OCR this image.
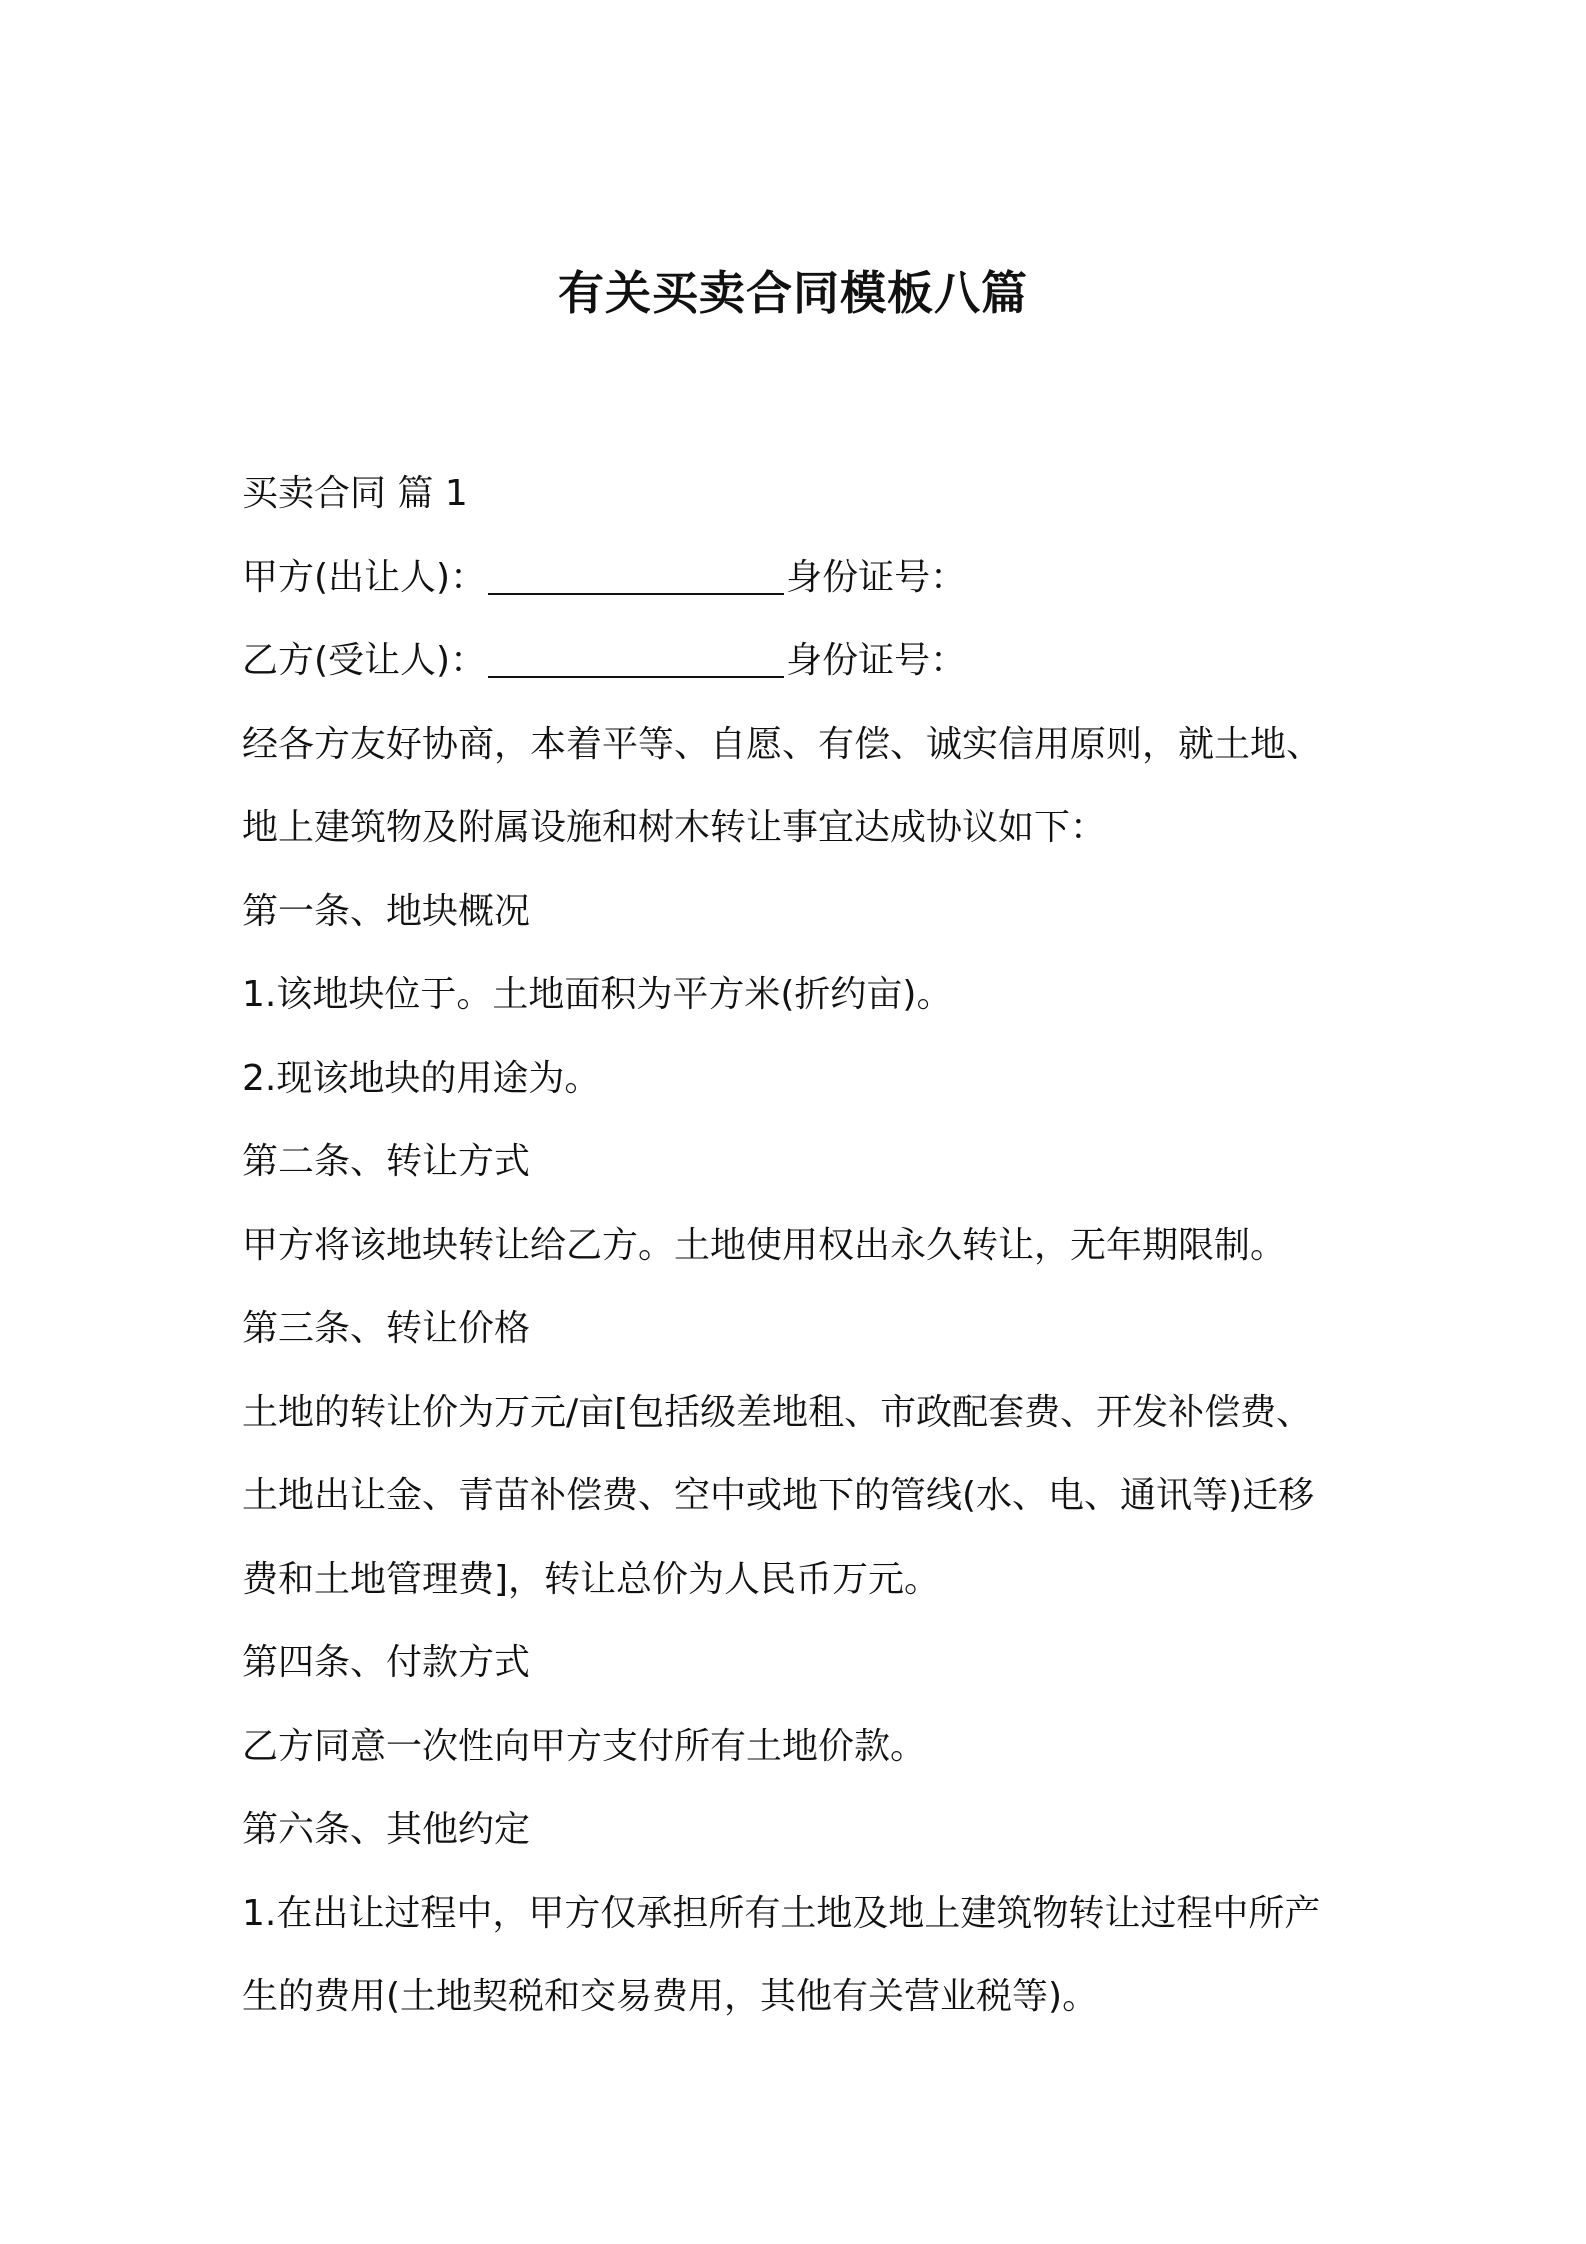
有关买卖合同模板八篇

买卖合同 篇 1

甲方(出让人)：	身份证号：

乙方(受让人)：	身份证号：

经各方友好协商，本着平等、自愿、有偿、诚实信用原则，就土地、

地上建筑物及附属设施和树木转让事宜达成协议如下：

第一条、地块概况

1.该地块位于。土地面积为平方米(折约亩)。

2.现该地块的用途为。

第二条、转让方式

甲方将该地块转让给乙方。土地使用权出永久转让，无年期限制。

第三条、转让价格

土地的转让价为万元/亩[包括级差地租、市政配套费、开发补偿费、

土地出让金、青苗补偿费、空中或地下的管线(水、电、通讯等)迁移

费和土地管理费]，转让总价为人民币万元。

第四条、付款方式

乙方同意一次性向甲方支付所有土地价款。

第六条、其他约定

1.在出让过程中，甲方仅承担所有土地及地上建筑物转让过程中所产

生的费用(土地契税和交易费用，其他有关营业税等)。
